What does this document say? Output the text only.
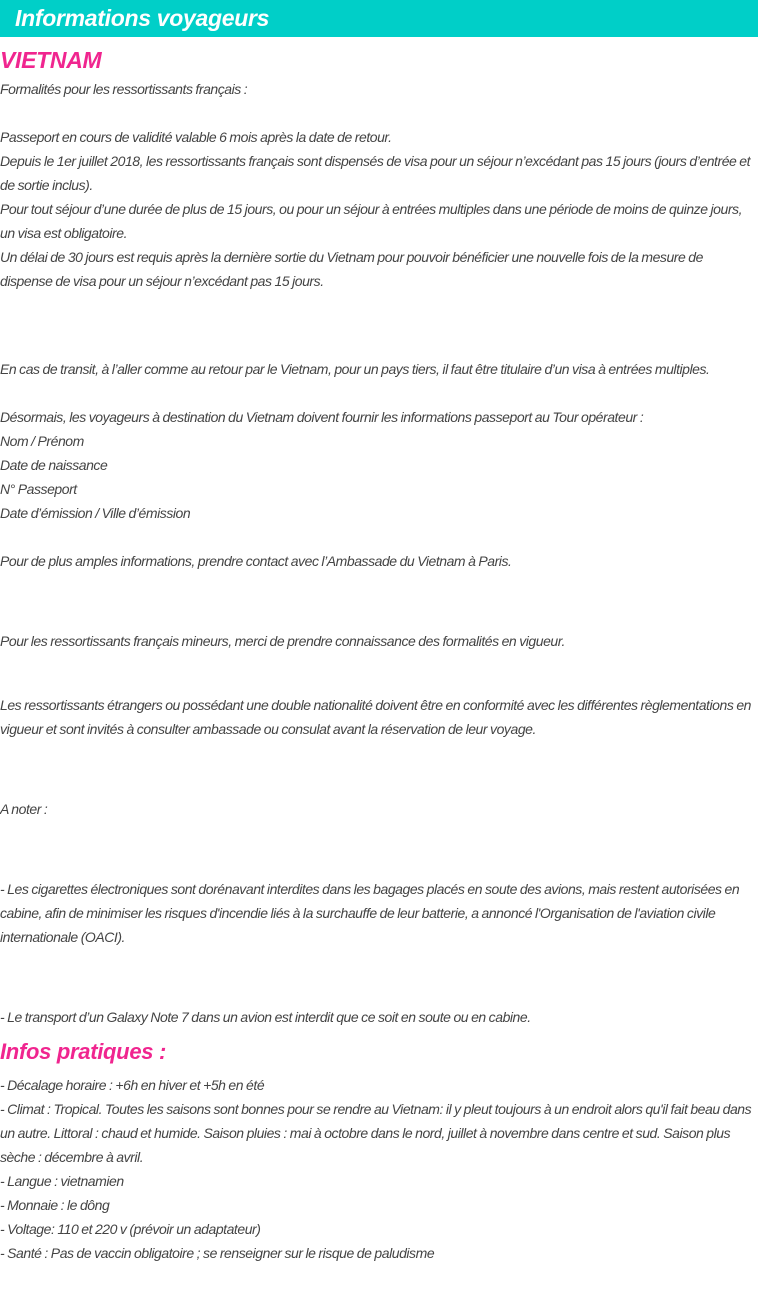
Informations voyageurs
VIETNAM

Formalités pour les ressortissants français :

Passeport en cours de validité valable 6 mois après la date de retour.

Depuis le 1er juillet 2018, les ressortissants français sont dispensés de visa pour un séjour n’excédant pas 15 jours (jours d’entrée et de sortie inclus).

Pour tout séjour d’une durée de plus de 15 jours, ou pour un séjour à entrées multiples dans une période de moins de quinze jours, un visa est obligatoire.

Un délai de 30 jours est requis après la dernière sortie du Vietnam pour pouvoir bénéficier une nouvelle fois de la mesure de dispense de visa pour un séjour n’excédant pas 15 jours.

En cas de transit, à l’aller comme au retour par le Vietnam, pour un pays tiers, il faut être titulaire d’un visa à entrées multiples.

Désormais, les voyageurs à destination du Vietnam doivent fournir les informations passeport au Tour opérateur :

Nom / Prénom

Date de naissance

N° Passeport

Date d’émission / Ville d’émission

Pour de plus amples informations, prendre contact avec l’Ambassade du Vietnam à Paris.

Pour les ressortissants français mineurs, merci de prendre connaissance des formalités en vigueur.

Les ressortissants étrangers ou possédant une double nationalité doivent être en conformité avec les différentes règlementations en vigueur et sont invités à consulter ambassade ou consulat avant la réservation de leur voyage.

A noter :

- Les cigarettes électroniques sont dorénavant interdites dans les bagages placés en soute des avions, mais restent autorisées en cabine, afin de minimiser les risques d'incendie liés à la surchauffe de leur batterie, a annoncé l'Organisation de l'aviation civile internationale (OACI).

- Le transport d’un Galaxy Note 7 dans un avion est interdit que ce soit en soute ou en cabine.

Infos pratiques :

- Décalage horaire : +6h en hiver et +5h en été

- Climat : Tropical. Toutes les saisons sont bonnes pour se rendre au Vietnam: il y pleut toujours à un endroit alors qu'il fait beau dans un autre. Littoral : chaud et humide. Saison pluies : mai à octobre dans le nord, juillet à novembre dans centre et sud. Saison plus sèche : décembre à avril.

- Langue : vietnamien

- Monnaie : le dông

- Voltage: 110 et 220 v (prévoir un adaptateur)

- Santé : Pas de vaccin obligatoire ; se renseigner sur le risque de paludisme
